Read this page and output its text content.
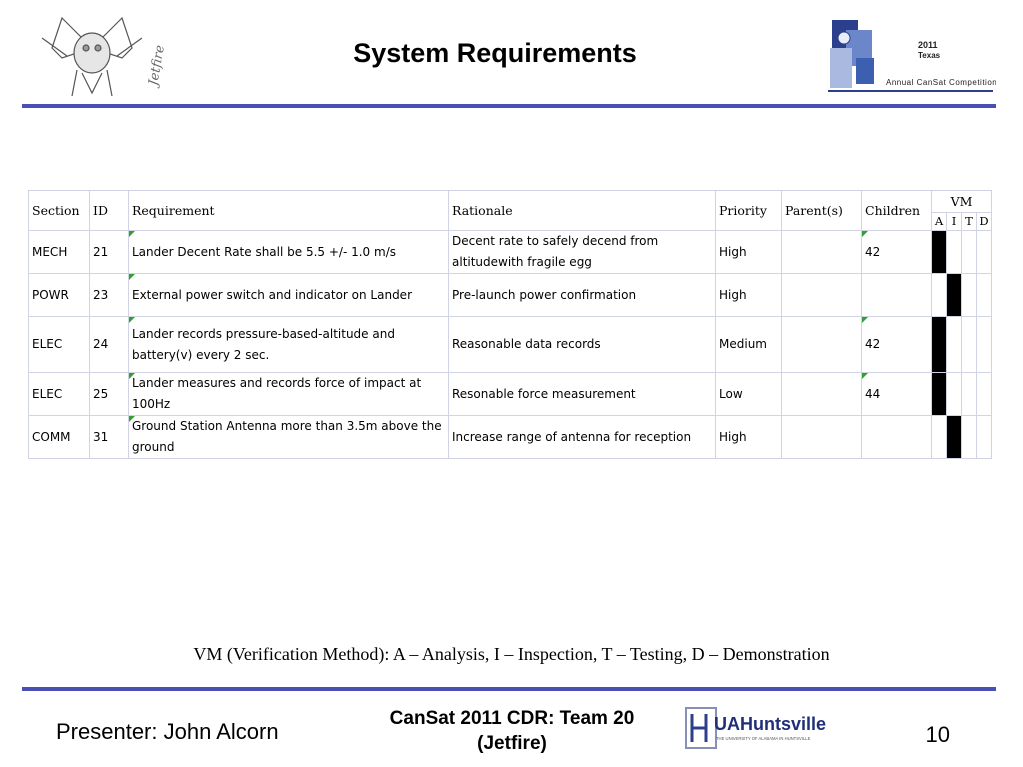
Jetfire	System Requirements	2011
Texas
Annual CanSat Competition
Section	ID	Requirement	Rationale	Priority	Parent(s)	Children	VM			
							A	I	T	D
MECH	21	Lander Decent Rate shall be 5.5 +/- 1.0 m/s	Decent rate to safely decend from altitudewith fragile egg	High		42				
POWR	23	External power switch and indicator on Lander	Pre-launch power confirmation	High						
ELEC	24	Lander records pressure-based-altitude and battery(v) every 2 sec.	Reasonable data records	Medium		42				
ELEC	25	Lander measures and records force of impact at 100Hz	Resonable force measurement	Low		44				
COMM	31	Ground Station Antenna more than 3.5m above the ground	Increase range of antenna for reception	High						
VM (Verification Method): A – Analysis, I – Inspection, T – Testing, D – Demonstration
Presenter: John Alcorn
CanSat 2011 CDR: Team 20
(Jetfire)
UAHuntsville
THE UNIVERSITY OF ALABAMA IN HUNTSVILLE	10
